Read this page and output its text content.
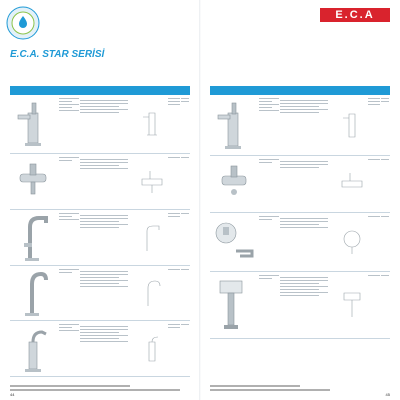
E.C.A. STAR SERİSİ
E.C.A
44	45
